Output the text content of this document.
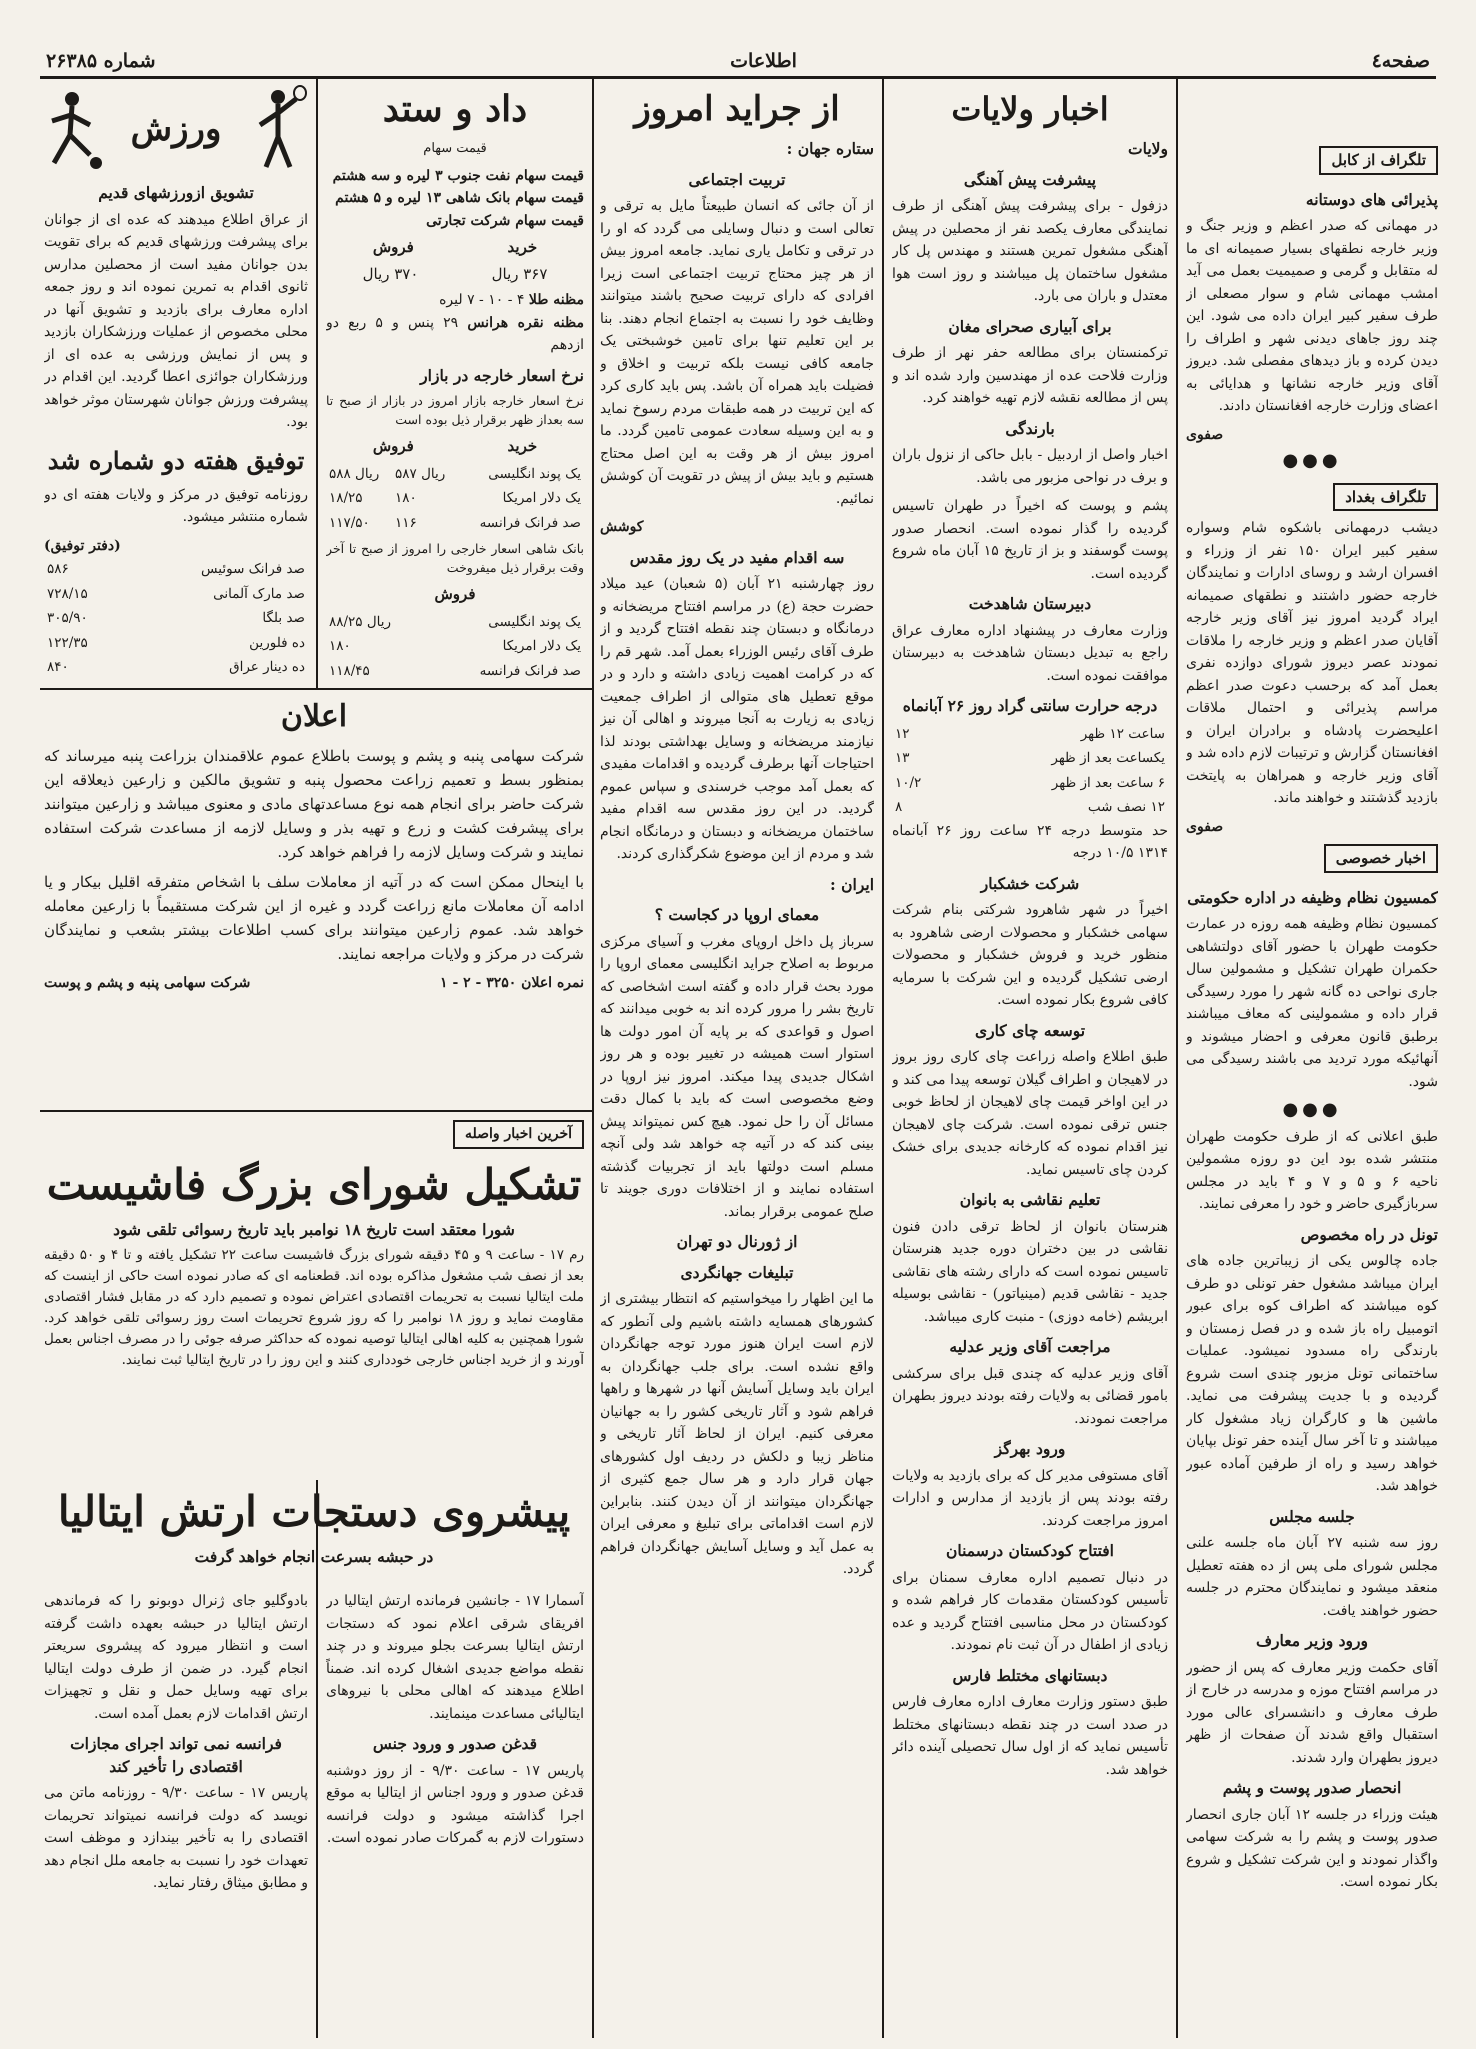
صفحه٤
اطلاعات
شماره ۲۶۳۸۵
تلگراف از کابل
پذیرائی های دوستانه

در مهمانی که صدر اعظم و وزیر جنگ و وزیر خارجه نطقهای بسیار صمیمانه ای ما له متقابل و گرمی و صمیمیت بعمل می آید امشب مهمانی شام و سوار مصعلی از طرف سفیر کبیر ایران داده می شود. این چند روز جاهای دیدنی شهر و اطراف را دیدن کرده و باز دیدهای مفصلی شد. دیروز آقای وزیر خارجه نشانها و هدایائی به اعضای وزارت خارجه افغانستان دادند.

صفوی
●●●
تلگراف بغداد

دیشب درمهمانی باشکوه شام وسواره سفیر کبیر ایران ۱۵۰ نفر از وزراء و افسران ارشد و روسای ادارات و نمایندگان خارجه حضور داشتند و نطقهای صمیمانه ایراد گردید امروز نیز آقای وزیر خارجه آقایان صدر اعظم و وزیر خارجه را ملاقات نمودند عصر دیروز شورای دوازده نفری بعمل آمد که برحسب دعوت صدر اعظم مراسم پذیرائی و احتمال ملاقات اعلیحضرت پادشاه و برادران ایران و افغانستان گزارش و ترتیبات لازم داده شد و آقای وزیر خارجه و همراهان به پایتخت بازدید گذشتند و خواهند ماند.

صفوی
اخبار خصوصی
کمسیون نظام وظیفه در اداره حکومتی

کمسیون نظام وظیفه همه روزه در عمارت حکومت طهران با حضور آقای دولتشاهی حکمران طهران تشکیل و مشمولین سال جاری نواحی ده گانه شهر را مورد رسیدگی قرار داده و مشمولینی که معاف میباشند برطبق قانون معرفی و احضار میشوند و آنهائیکه مورد تردید می باشند رسیدگی می شود.

●●●

طبق اعلانی که از طرف حکومت طهران منتشر شده بود این دو روزه مشمولین ناحیه ۶ و ۵ و ۷ و ۴ باید در مجلس سربازگیری حاضر و خود را معرفی نمایند.

تونل در راه مخصوص

جاده چالوس یکی از زیباترین جاده های ایران میباشد مشغول حفر تونلی دو طرف کوه میباشند که اطراف کوه برای عبور اتومبیل راه باز شده و در فصل زمستان و بارندگی راه مسدود نمیشود. عملیات ساختمانی تونل مزبور چندی است شروع گردیده و با جدیت پیشرفت می نماید. ماشین ها و کارگران زیاد مشغول کار میباشند و تا آخر سال آینده حفر تونل بپایان خواهد رسید و راه از طرفین آماده عبور خواهد شد.

جلسه مجلس

روز سه شنبه ۲۷ آبان ماه جلسه علنی مجلس شورای ملی پس از ده هفته تعطیل منعقد میشود و نمایندگان محترم در جلسه حضور خواهند یافت.

ورود وزیر معارف

آقای حکمت وزیر معارف که پس از حضور در مراسم افتتاح موزه و مدرسه در خارج از طرف معارف و دانشسرای عالی مورد استقبال واقع شدند آن صفحات از ظهر دیروز بطهران وارد شدند.

انحصار صدور پوست و پشم

هیئت وزراء در جلسه ۱۲ آبان جاری انحصار صدور پوست و پشم را به شرکت سهامی واگذار نمودند و این شرکت تشکیل و شروع بکار نموده است.

اخبار ولایات
ولایات
پیشرفت پیش آهنگی

دزفول - برای پیشرفت پیش آهنگی از طرف نمایندگی معارف یکصد نفر از محصلین در پیش آهنگی مشغول تمرین هستند و مهندس پل کار مشغول ساختمان پل میباشند و روز است هوا معتدل و باران می بارد.

برای آبیاری صحرای مغان

ترکمنستان برای مطالعه حفر نهر از طرف وزارت فلاحت عده از مهندسین وارد شده اند و پس از مطالعه نقشه لازم تهیه خواهند کرد.

بارندگی

اخبار واصل از اردبیل - بابل حاکی از نزول باران و برف در نواحی مزبور می باشد.

پشم و پوست که اخیراً در طهران تاسیس گردیده را گذار نموده است. انحصار صدور پوست گوسفند و بز از تاریخ ۱۵ آبان ماه شروع گردیده است.

دبیرستان شاهدخت

وزارت معارف در پیشنهاد اداره معارف عراق راجع به تبدیل دبستان شاهدخت به دبیرستان موافقت نموده است.

درجه حرارت سانتی گراد روز ۲۶ آبانماه
ساعت ۱۲ ظهر	۱۲
یکساعت بعد از ظهر	۱۳
۶ ساعت بعد از ظهر	۱۰/۲
۱۲ نصف شب	۸

حد متوسط درجه ۲۴ ساعت روز ۲۶ آبانماه ۱۳۱۴ ۱۰/۵ درجه

شرکت خشکبار

اخیراً در شهر شاهرود شرکتی بنام شرکت سهامی خشکبار و محصولات ارضی شاهرود به منظور خرید و فروش خشکبار و محصولات ارضی تشکیل گردیده و این شرکت با سرمایه کافی شروع بکار نموده است.

توسعه چای کاری

طبق اطلاع واصله زراعت چای کاری روز بروز در لاهیجان و اطراف گیلان توسعه پیدا می کند و در این اواخر قیمت چای لاهیجان از لحاظ خوبی جنس ترقی نموده است. شرکت چای لاهیجان نیز اقدام نموده که کارخانه جدیدی برای خشک کردن چای تاسیس نماید.

تعلیم نقاشی به بانوان

هنرستان بانوان از لحاظ ترقی دادن فنون نقاشی در بین دختران دوره جدید هنرستان تاسیس نموده است که دارای رشته های نقاشی جدید - نقاشی قدیم (مینیاتور) - نقاشی بوسیله ابریشم (خامه دوزی) - منبت کاری میباشد.

مراجعت آقای وزیر عدلیه

آقای وزیر عدلیه که چندی قبل برای سرکشی بامور قضائی به ولایات رفته بودند دیروز بطهران مراجعت نمودند.

ورود بهرگز

آقای مستوفی مدیر کل که برای بازدید به ولایات رفته بودند پس از بازدید از مدارس و ادارات امروز مراجعت کردند.

افتتاح کودکستان درسمنان

در دنبال تصمیم اداره معارف سمنان برای تأسیس کودکستان مقدمات کار فراهم شده و کودکستان در محل مناسبی افتتاح گردید و عده زیادی از اطفال در آن ثبت نام نمودند.

دبستانهای مختلط فارس

طبق دستور وزارت معارف اداره معارف فارس در صدد است در چند نقطه دبستانهای مختلط تأسیس نماید که از اول سال تحصیلی آینده دائر خواهد شد.

از جراید امروز
ستاره جهان :
تربیت اجتماعی

از آن جائی که انسان طبیعتاً مایل به ترقی و تعالی است و دنبال وسایلی می گردد که او را در ترقی و تکامل یاری نماید. جامعه امروز بیش از هر چیز محتاج تربیت اجتماعی است زیرا افرادی که دارای تربیت صحیح باشند میتوانند وظایف خود را نسبت به اجتماع انجام دهند. بنا بر این تعلیم تنها برای تامین خوشبختی یک جامعه کافی نیست بلکه تربیت و اخلاق و فضیلت باید همراه آن باشد. پس باید کاری کرد که این تربیت در همه طبقات مردم رسوخ نماید و به این وسیله سعادت عمومی تامین گردد. ما امروز بیش از هر وقت به این اصل محتاج هستیم و باید بیش از پیش در تقویت آن کوشش نمائیم.

کوشش
سه اقدام مفید در یک روز مقدس

روز چهارشنبه ۲۱ آبان (۵ شعبان) عید میلاد حضرت حجة (ع) در مراسم افتتاح مریضخانه و درمانگاه و دبستان چند نقطه افتتاح گردید و از طرف آقای رئیس الوزراء بعمل آمد. شهر قم را که در کرامت اهمیت زیادی داشته و دارد و در موقع تعطیل های متوالی از اطراف جمعیت زیادی به زیارت به آنجا میروند و اهالی آن نیز نیازمند مریضخانه و وسایل بهداشتی بودند لذا احتیاجات آنها برطرف گردیده و اقدامات مفیدی که بعمل آمد موجب خرسندی و سپاس عموم گردید. در این روز مقدس سه اقدام مفید ساختمان مریضخانه و دبستان و درمانگاه انجام شد و مردم از این موضوع شکرگذاری کردند.

ایران :
معمای اروپا در کجاست ؟

سرباز پل داخل اروپای مغرب و آسیای مرکزی مربوط به اصلاح جراید انگلیسی معمای اروپا را مورد بحث قرار داده و گفته است اشخاصی که تاریخ بشر را مرور کرده اند به خوبی میدانند که اصول و قواعدی که بر پایه آن امور دولت ها استوار است همیشه در تغییر بوده و هر روز اشکال جدیدی پیدا میکند. امروز نیز اروپا در وضع مخصوصی است که باید با کمال دقت مسائل آن را حل نمود. هیچ کس نمیتواند پیش بینی کند که در آتیه چه خواهد شد ولی آنچه مسلم است دولتها باید از تجربیات گذشته استفاده نمایند و از اختلافات دوری جویند تا صلح عمومی برقرار بماند.

از ژورنال دو تهران
تبلیغات جهانگردی

ما این اظهار را میخواستیم که انتظار بیشتری از کشورهای همسایه داشته باشیم ولی آنطور که لازم است ایران هنوز مورد توجه جهانگردان واقع نشده است. برای جلب جهانگردان به ایران باید وسایل آسایش آنها در شهرها و راهها فراهم شود و آثار تاریخی کشور را به جهانیان معرفی کنیم. ایران از لحاظ آثار تاریخی و مناظر زیبا و دلکش در ردیف اول کشورهای جهان قرار دارد و هر سال جمع کثیری از جهانگردان میتوانند از آن دیدن کنند. بنابراین لازم است اقداماتی برای تبلیغ و معرفی ایران به عمل آید و وسایل آسایش جهانگردان فراهم گردد.

داد و ستد
قیمت سهام

قیمت سهام نفت جنوب ۳ لیره و سه هشتم

قیمت سهام بانک شاهی ۱۳ لیره و ۵ هشتم

قیمت سهام شرکت تجارتی

خرید
فروش
۳۶۷ ریال
۳۷۰ ریال

مظنه طلا ۴ - ۱۰ - ۷ لیره

مظنه نقره هرانس ۲۹ پنس و ۵ ربع دو ازدهم

نرخ اسعار خارجه در بازار

نرخ اسعار خارجه بازار امروز در بازار از صبح تا سه بعداز ظهر برقرار ذیل بوده است

خرید
فروش
یک پوند انگلیسی	۵۸۷ ریال	۵۸۸ ریال
یک دلار امریکا	۱۸۰	۱۸/۲۵
صد فرانک فرانسه	۱۱۶	۱۱۷/۵۰

بانک شاهی اسعار خارجی را امروز از صبح تا آخر وقت برقرار ذیل میفروخت

فروش
یک پوند انگلیسی	۸۸/۲۵ ریال
یک دلار امریکا	۱۸۰
صد فرانک فرانسه	۱۱۸/۴۵

ورزش
تشویق ازورزشهای قدیم

از عراق اطلاع میدهند که عده ای از جوانان برای پیشرفت ورزشهای قدیم که برای تقویت بدن جوانان مفید است از محصلین مدارس ثانوی اقدام به تمرین نموده اند و روز جمعه اداره معارف برای بازدید و تشویق آنها در محلی مخصوص از عملیات ورزشکاران بازدید و پس از نمایش ورزشی به عده ای از ورزشکاران جوائزی اعطا گردید. این اقدام در پیشرفت ورزش جوانان شهرستان موثر خواهد بود.

توفیق هفته دو شماره شد

روزنامه توفیق در مرکز و ولایات هفته ای دو شماره منتشر میشود.

(دفتر توفیق)
صد فرانک سوئیس	۵۸۶
صد مارک آلمانی	۷۲۸/۱۵
صد بلگا	۳۰۵/۹۰
ده فلورین	۱۲۲/۳۵
ده دینار عراق	۸۴۰

اعلان

شرکت سهامی پنبه و پشم و پوست باطلاع عموم علاقمندان بزراعت پنبه میرساند که بمنظور بسط و تعمیم زراعت محصول پنبه و تشویق مالکین و زارعین ذیعلاقه این شرکت حاضر برای انجام همه نوع مساعدتهای مادی و معنوی میباشد و زارعین میتوانند برای پیشرفت کشت و زرع و تهیه بذر و وسایل لازمه از مساعدت شرکت استفاده نمایند و شرکت وسایل لازمه را فراهم خواهد کرد.

با اینحال ممکن است که در آتیه از معاملات سلف با اشخاص متفرقه اقلیل بیکار و یا ادامه آن معاملات مانع زراعت گردد و غیره از این شرکت مستقیماً با زارعین معامله خواهد شد. عموم زارعین میتوانند برای کسب اطلاعات بیشتر بشعب و نمایندگان شرکت در مرکز و ولایات مراجعه نمایند.

نمره اعلان ۳۲۵۰ - ۲ - ۱
شرکت سهامی پنبه و پشم و پوست
آخرین اخبار واصله
تشکیل شورای بزرگ فاشیست
شورا معتقد است تاریخ ۱۸ نوامبر باید تاریخ رسوائی تلقی شود

رم ۱۷ - ساعت ۹ و ۴۵ دقیقه شورای بزرگ فاشیست ساعت ۲۲ تشکیل یافته و تا ۴ و ۵۰ دقیقه بعد از نصف شب مشغول مذاکره بوده اند. قطعنامه ای که صادر نموده است حاکی از اینست که ملت ایتالیا نسبت به تحریمات اقتصادی اعتراض نموده و تصمیم دارد که در مقابل فشار اقتصادی مقاومت نماید و روز ۱۸ نوامبر را که روز شروع تحریمات است روز رسوائی تلقی خواهد کرد. شورا همچنین به کلیه اهالی ایتالیا توصیه نموده که حداکثر صرفه جوئی را در مصرف اجناس بعمل آورند و از خرید اجناس خارجی خودداری کنند و این روز را در تاریخ ایتالیا ثبت نمایند.

پیشروی دستجات ارتش ایتالیا
در حبشه بسرعت انجام خواهد گرفت

آسمارا ۱۷ - جانشین فرمانده ارتش ایتالیا در افریقای شرقی اعلام نمود که دستجات ارتش ایتالیا بسرعت بجلو میروند و در چند نقطه مواضع جدیدی اشغال کرده اند. ضمناً اطلاع میدهند که اهالی محلی با نیروهای ایتالیائی مساعدت مینمایند.

قدغن صدور و ورود جنس

پاریس ۱۷ - ساعت ۹/۳۰ - از روز دوشنبه قدغن صدور و ورود اجناس از ایتالیا به موقع اجرا گذاشته میشود و دولت فرانسه دستورات لازم به گمرکات صادر نموده است.

بادوگلیو جای ژنرال دوبونو را که فرماندهی ارتش ایتالیا در حبشه بعهده داشت گرفته است و انتظار میرود که پیشروی سریعتر انجام گیرد. در ضمن از طرف دولت ایتالیا برای تهیه وسایل حمل و نقل و تجهیزات ارتش اقدامات لازم بعمل آمده است.

فرانسه نمی تواند اجرای مجازات اقتصادی را تأخیر کند

پاریس ۱۷ - ساعت ۹/۳۰ - روزنامه ماتن می نویسد که دولت فرانسه نمیتواند تحریمات اقتصادی را به تأخیر بیندازد و موظف است تعهدات خود را نسبت به جامعه ملل انجام دهد و مطابق میثاق رفتار نماید.
